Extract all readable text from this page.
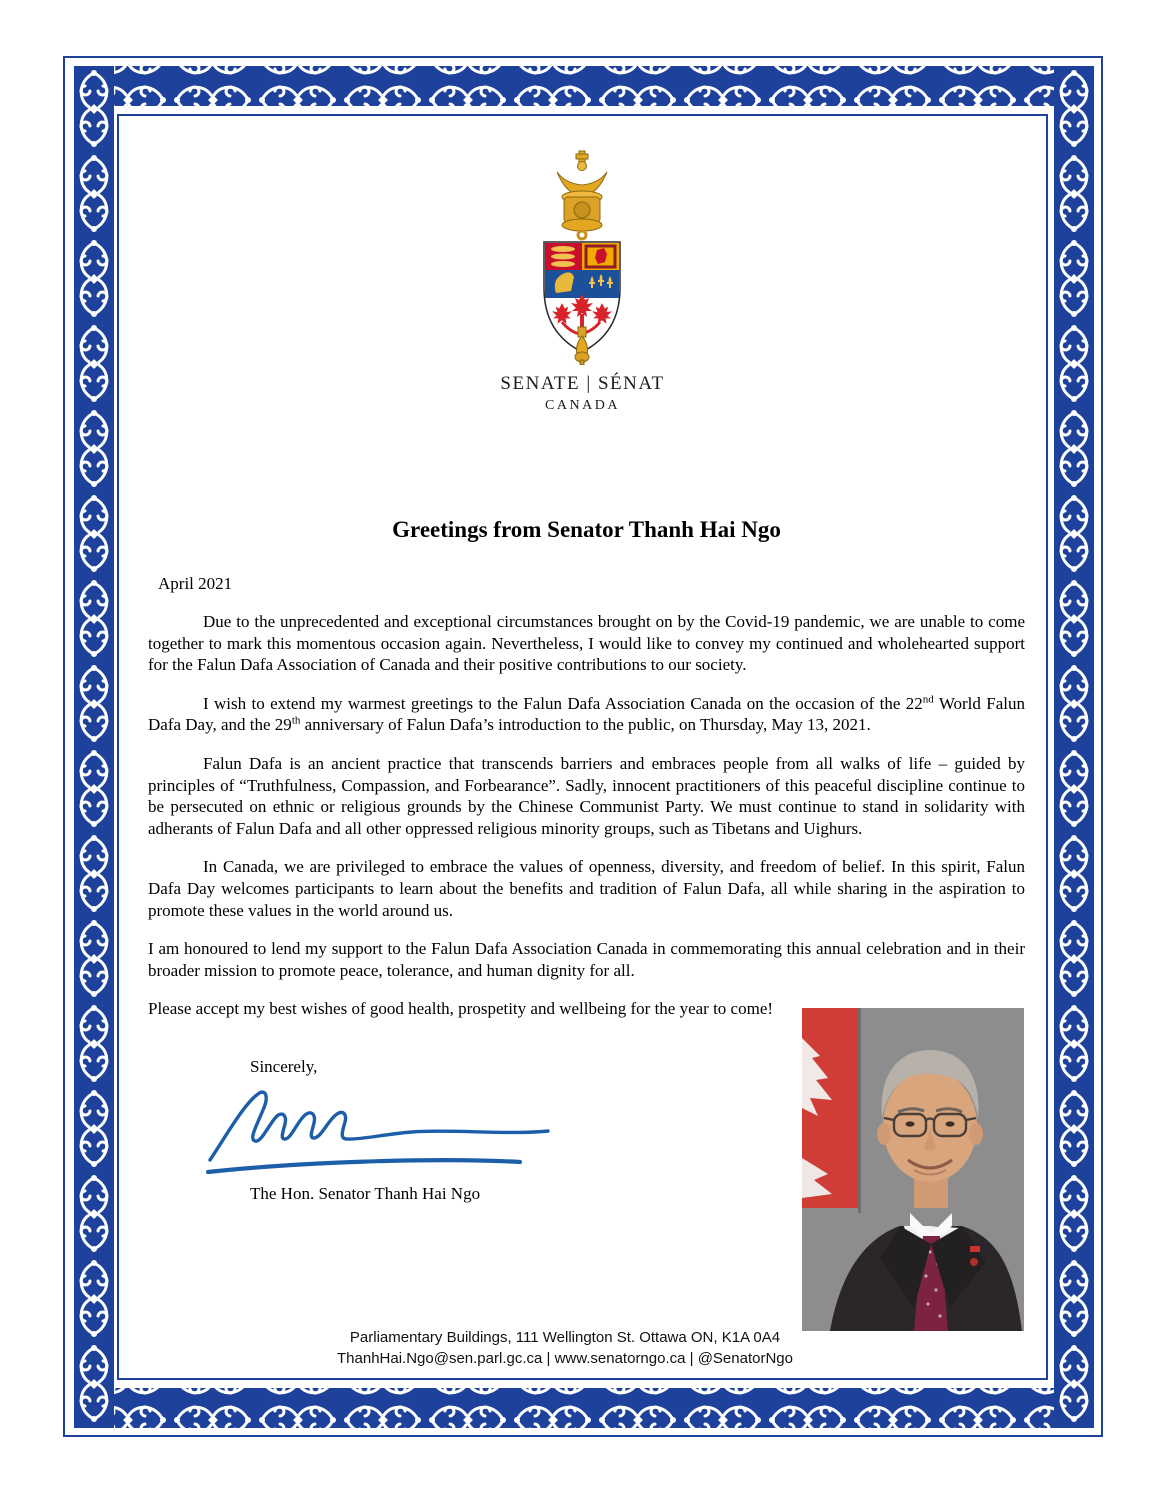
SENATE | SÉNAT
CANADA
Greetings from Senator Thanh Hai Ngo
April 2021

Due to the unprecedented and exceptional circumstances brought on by the Covid-19 pandemic, we are unable to come together to mark this momentous occasion again. Nevertheless, I would like to convey my continued and wholehearted support for the Falun Dafa Association of Canada and their positive contributions to our society.

I wish to extend my warmest greetings to the Falun Dafa Association Canada on the occasion of the 22nd World Falun Dafa Day, and the 29th anniversary of Falun Dafa’s introduction to the public, on Thursday, May 13, 2021.

Falun Dafa is an ancient practice that transcends barriers and embraces people from all walks of life – guided by principles of “Truthfulness, Compassion, and Forbearance”. Sadly, innocent practitioners of this peaceful discipline continue to be persecuted on ethnic or religious grounds by the Chinese Communist Party. We must continue to stand in solidarity with adherants of Falun Dafa and all other oppressed religious minority groups, such as Tibetans and Uighurs.

In Canada, we are privileged to embrace the values of openness, diversity, and freedom of belief. In this spirit, Falun Dafa Day welcomes participants to learn about the benefits and tradition of Falun Dafa, all while sharing in the aspiration to promote these values in the world around us.

I am honoured to lend my support to the Falun Dafa Association Canada in commemorating this annual celebration and in their broader mission to promote peace, tolerance, and human dignity for all.

Please accept my best wishes of good health, prospetity and wellbeing for the year to come!

Sincerely,
The Hon. Senator Thanh Hai Ngo
Parliamentary Buildings, 111 Wellington St. Ottawa ON, K1A 0A4
ThanhHai.Ngo@sen.parl.gc.ca | www.senatorngo.ca | @SenatorNgo
